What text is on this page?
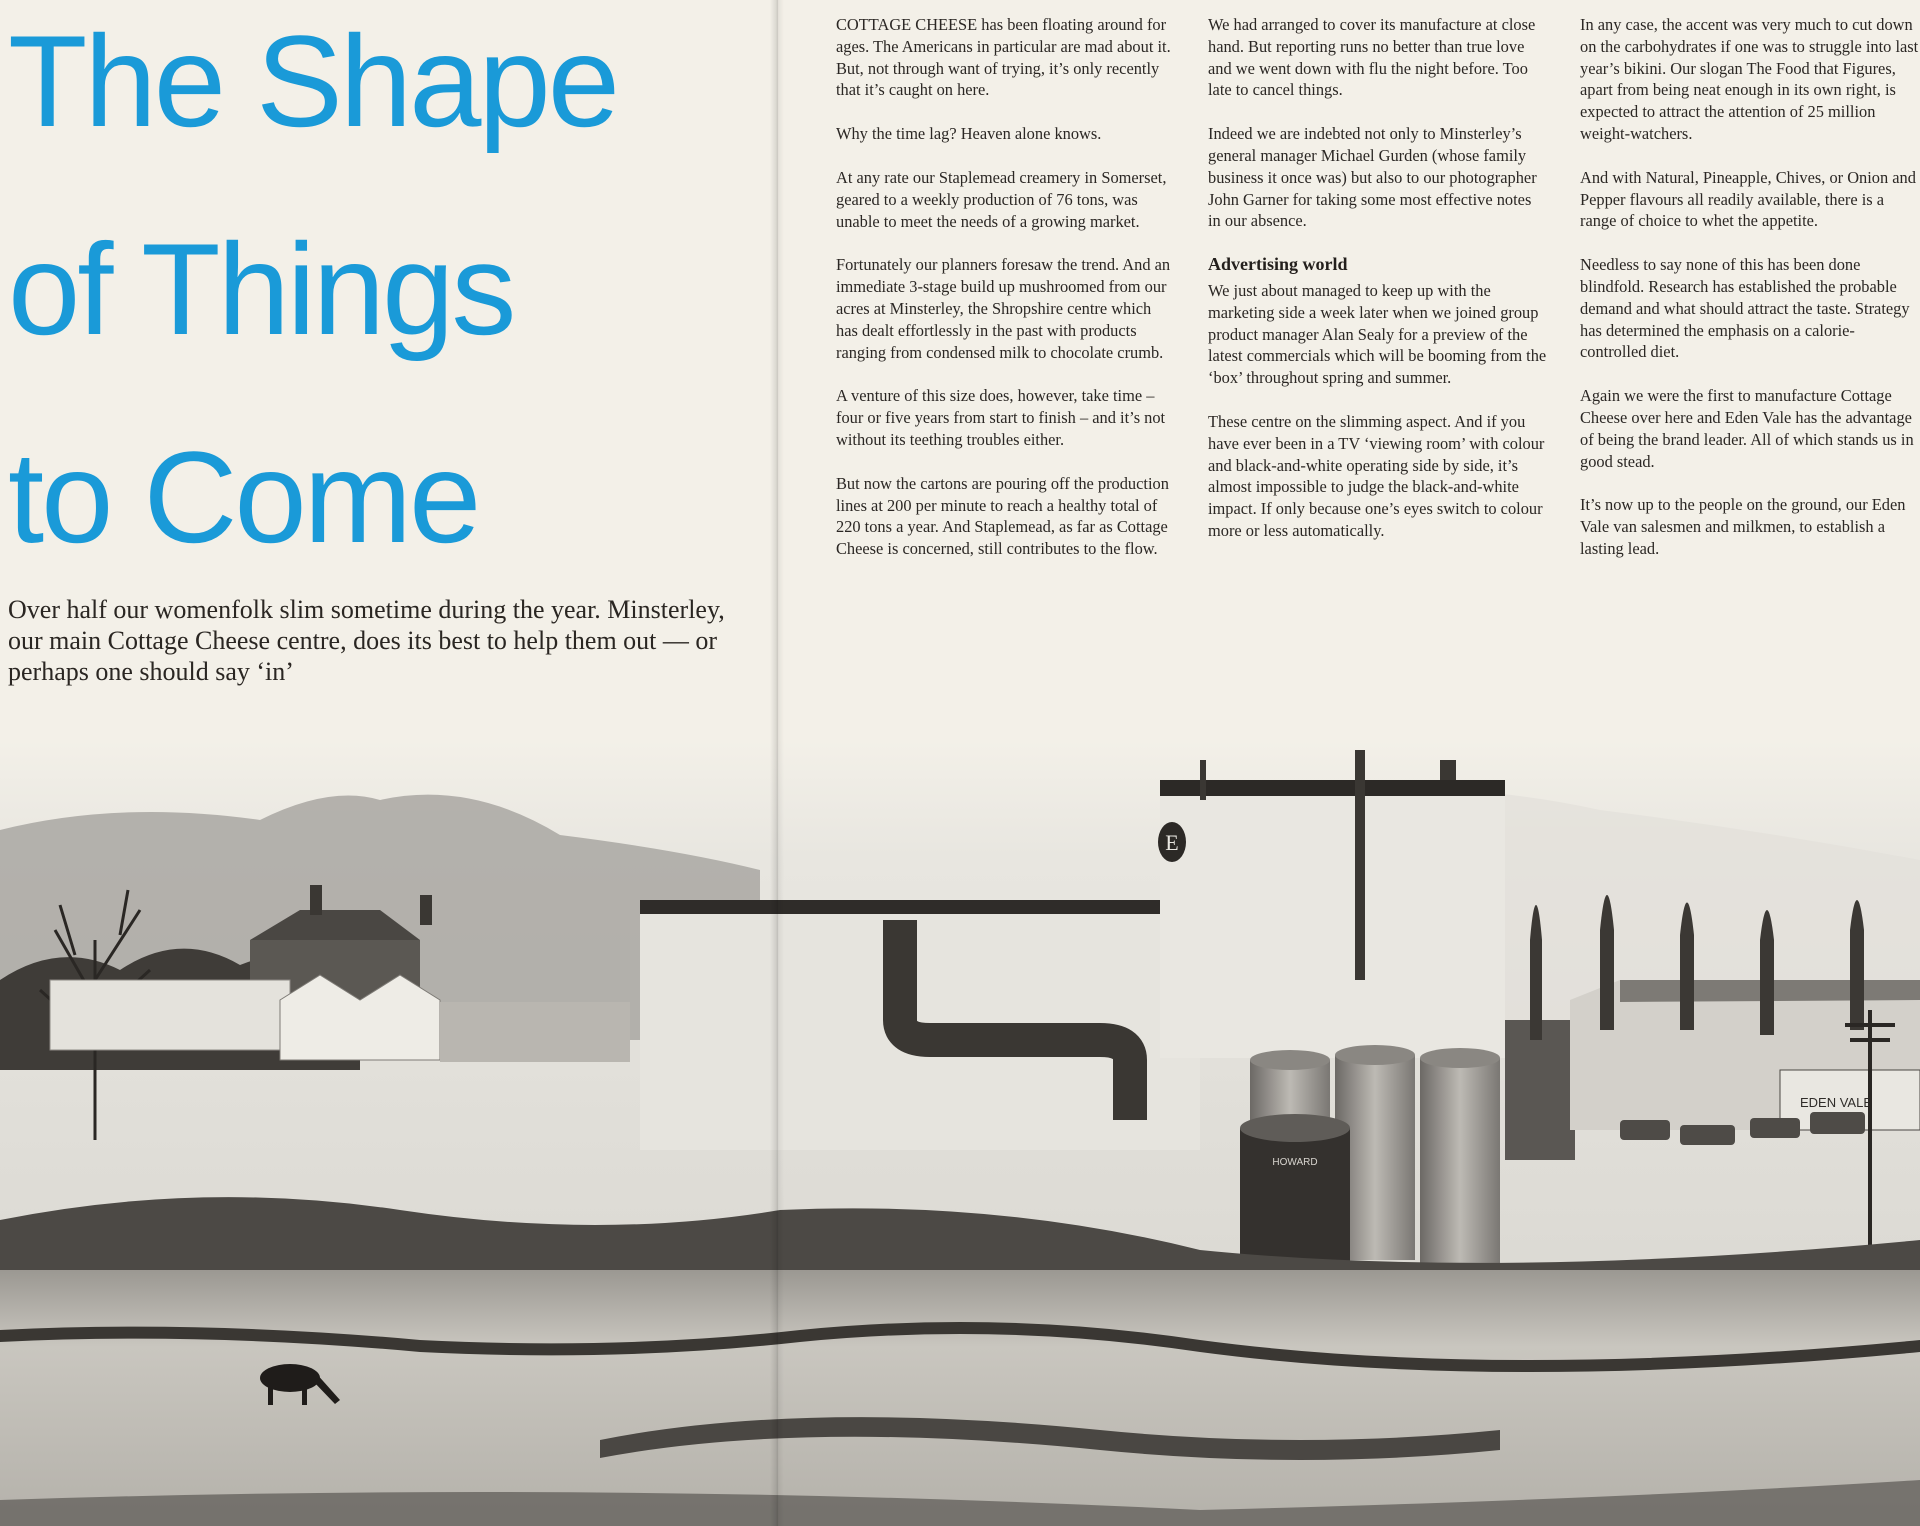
The Shape
of Things
to Come
Over half our womenfolk slim sometime during the year. Minsterley, our main Cottage Cheese centre, does its best to help them out — or perhaps one should say ‘in’

COTTAGE CHEESE has been floating around for ages. The Americans in particular are mad about it. But, not through want of trying, it’s only recently that it’s caught on here.

Why the time lag? Heaven alone knows.

At any rate our Staplemead creamery in Somerset, geared to a weekly production of 76 tons, was unable to meet the needs of a growing market.

Fortunately our planners foresaw the trend. And an immediate 3-stage build up mushroomed from our acres at Minsterley, the Shropshire centre which has dealt effortlessly in the past with products ranging from condensed milk to chocolate crumb.

A venture of this size does, however, take time – four or five years from start to finish – and it’s not without its teething troubles either.

But now the cartons are pouring off the production lines at 200 per minute to reach a healthy total of 220 tons a year. And Staplemead, as far as Cottage Cheese is concerned, still contributes to the flow.

We had arranged to cover its manufacture at close hand. But reporting runs no better than true love and we went down with flu the night before. Too late to cancel things.

Indeed we are indebted not only to Minsterley’s general manager Michael Gurden (whose family business it once was) but also to our photographer John Garner for taking some most effective notes in our absence.

Advertising world

We just about managed to keep up with the marketing side a week later when we joined group product manager Alan Sealy for a preview of the latest commercials which will be booming from the ‘box’ throughout spring and summer.

These centre on the slimming aspect. And if you have ever been in a TV ‘viewing room’ with colour and black-and-white operating side by side, it’s almost impossible to judge the black-and-white impact. If only because one’s eyes switch to colour more or less automatically.

In any case, the accent was very much to cut down on the carbohydrates if one was to struggle into last year’s bikini. Our slogan The Food that Figures, apart from being neat enough in its own right, is expected to attract the attention of 25 million weight-watchers.

And with Natural, Pineapple, Chives, or Onion and Pepper flavours all readily available, there is a range of choice to whet the appetite.

Needless to say none of this has been done blindfold. Research has established the probable demand and what should attract the taste. Strategy has determined the emphasis on a calorie-controlled diet.

Again we were the first to manufacture Cottage Cheese over here and Eden Vale has the advantage of being the brand leader. All of which stands us in good stead.

It’s now up to the people on the ground, our Eden Vale van salesmen and milkmen, to establish a lasting lead.

E
HOWARD
EDEN VALE
